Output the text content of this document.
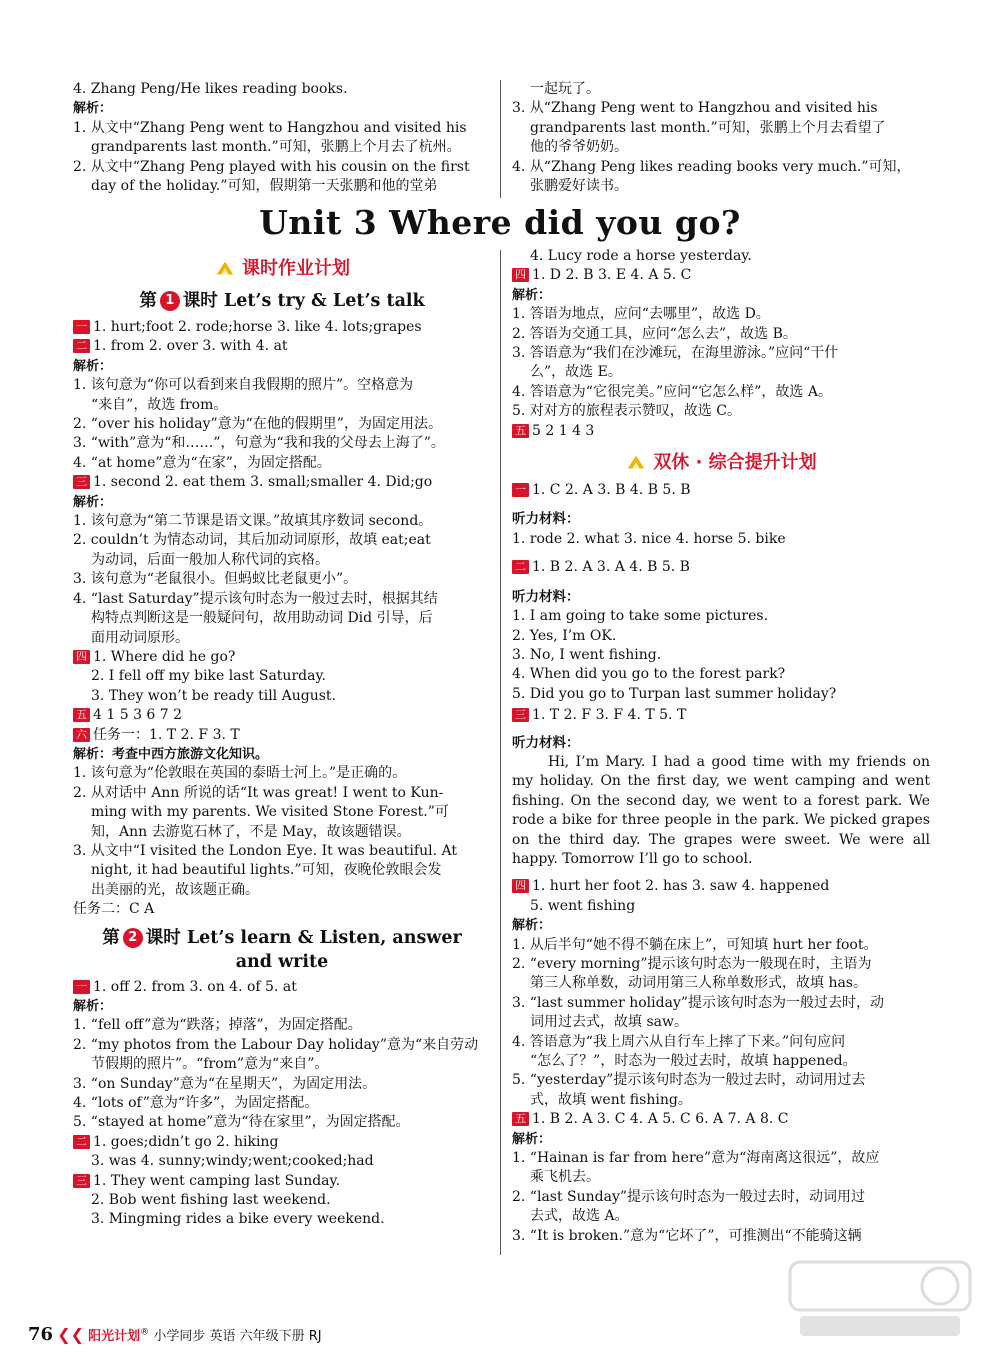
4. Zhang Peng/He likes reading books.
解析：
1. 从文中“Zhang Peng went to Hangzhou and visited his
grandparents last month.”可知，张鹏上个月去了杭州。
2. 从文中“Zhang Peng played with his cousin on the first
day of the holiday.”可知，假期第一天张鹏和他的堂弟
一起玩了。
3. 从“Zhang Peng went to Hangzhou and visited his
grandparents last month.”可知，张鹏上个月去看望了
他的爷爷奶奶。
4. 从“Zhang Peng likes reading books very much.”可知，
张鹏爱好读书。
Unit 3 Where did you go?
课时作业计划
第 1 课时 Let’s try & Let’s talk
一 1. hurt;foot 2. rode;horse 3. like 4. lots;grapes
二 1. from 2. over 3. with 4. at
解析：
1. 该句意为“你可以看到来自我假期的照片”。空格意为
“来自”，故选 from。
2. “over his holiday”意为“在他的假期里”，为固定用法。
3. “with”意为“和……”，句意为“我和我的父母去上海了”。
4. “at home”意为“在家”，为固定搭配。
三 1. second 2. eat them 3. small;smaller 4. Did;go
解析：
1. 该句意为“第二节课是语文课。”故填其序数词 second。
2. couldn’t 为情态动词，其后加动词原形，故填 eat;eat
为动词，后面一般加人称代词的宾格。
3. 该句意为“老鼠很小。但蚂蚁比老鼠更小”。
4. “last Saturday”提示该句时态为一般过去时，根据其结
构特点判断这是一般疑问句，故用助动词 Did 引导，后
面用动词原形。
四 1. Where did he go?
2. I fell off my bike last Saturday.
3. They won’t be ready till August.
五 4 1 5 3 6 7 2
六 任务一：1. T 2. F 3. T
解析：考查中西方旅游文化知识。
1. 该句意为“伦敦眼在英国的泰晤士河上。”是正确的。
2. 从对话中 Ann 所说的话“It was great! I went to Kun-
ming with my parents. We visited Stone Forest.”可
知，Ann 去游览石林了，不是 May，故该题错误。
3. 从文中“I visited the London Eye. It was beautiful. At
night, it had beautiful lights.”可知，夜晚伦敦眼会发
出美丽的光，故该题正确。
任务二：C A
第 2 课时 Let’s learn & Listen, answer
and write
一 1. off 2. from 3. on 4. of 5. at
解析：
1. “fell off”意为“跌落；掉落”，为固定搭配。
2. “my photos from the Labour Day holiday”意为“来自劳动
节假期的照片”。“from”意为“来自”。
3. “on Sunday”意为“在星期天”，为固定用法。
4. “lots of”意为“许多”，为固定搭配。
5. “stayed at home”意为“待在家里”，为固定搭配。
二 1. goes;didn’t go 2. hiking
3. was 4. sunny;windy;went;cooked;had
三 1. They went camping last Sunday.
2. Bob went fishing last weekend.
3. Mingming rides a bike every weekend.
4. Lucy rode a horse yesterday.
四 1. D 2. B 3. E 4. A 5. C
解析：
1. 答语为地点，应问“去哪里”，故选 D。
2. 答语为交通工具，应问“怎么去”，故选 B。
3. 答语意为“我们在沙滩玩，在海里游泳。”应问“干什
么”，故选 E。
4. 答语意为“它很完美。”应问“它怎么样”，故选 A。
5. 对对方的旅程表示赞叹，故选 C。
五 5 2 1 4 3
双休 · 综合提升计划
一 1. C 2. A 3. B 4. B 5. B
听力材料：
1. rode 2. what 3. nice 4. horse 5. bike
二 1. B 2. A 3. A 4. B 5. B
听力材料：
1. I am going to take some pictures.
2. Yes, I’m OK.
3. No, I went fishing.
4. When did you go to the forest park?
5. Did you go to Turpan last summer holiday?
三 1. T 2. F 3. F 4. T 5. T
听力材料：
Hi, I’m Mary. I had a good time with my friends on my holiday. On the first day, we went camping and went fishing. On the second day, we went to a forest park. We rode a bike for three people in the park. We picked grapes on the third day. The grapes were sweet. We were all happy. Tomorrow I’ll go to school.
四 1. hurt her foot 2. has 3. saw 4. happened
5. went fishing
解析：
1. 从后半句“她不得不躺在床上”，可知填 hurt her foot。
2. “every morning”提示该句时态为一般现在时，主语为
第三人称单数，动词用第三人称单数形式，故填 has。
3. “last summer holiday”提示该句时态为一般过去时，动
词用过去式，故填 saw。
4. 答语意为“我上周六从自行车上摔了下来。”问句应问
“怎么了？”，时态为一般过去时，故填 happened。
5. “yesterday”提示该句时态为一般过去时，动词用过去
式，故填 went fishing。
五 1. B 2. A 3. C 4. A 5. C 6. A 7. A 8. C
解析：
1. “Hainan is far from here”意为“海南离这很远”，故应
乘飞机去。
2. “last Sunday”提示该句时态为一般过去时，动词用过
去式，故选 A。
3. “It is broken.”意为“它坏了”，可推测出“不能骑这辆
76 ❮❮ 阳光计划® 小学同步 英语 六年级下册 RJ
